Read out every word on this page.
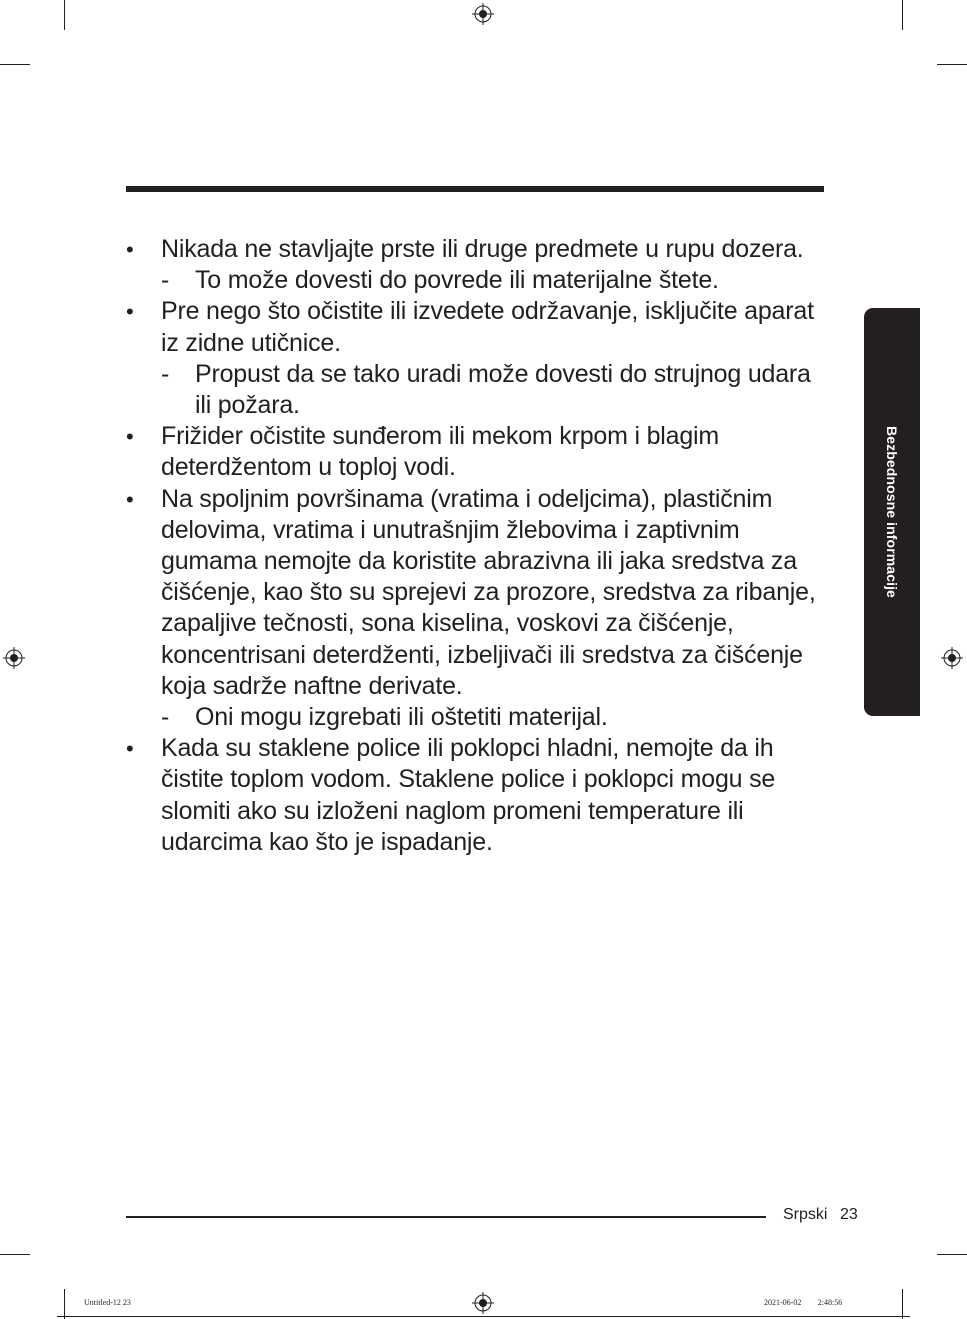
•	Nikada ne stavljajte prste ili druge predmete u rupu dozera.
- To može dovesti do povrede ili materijalne štete.
•	Pre nego što očistite ili izvedete održavanje, isključite aparat iz zidne utičnice.
- Propust da se tako uradi može dovesti do strujnog udara ili požara.
•	Frižider očistite sunđerom ili mekom krpom i blagim deterdžentom u toploj vodi.
•	Na spoljnim površinama (vratima i odeljcima), plastičnim delovima, vratima i unutrašnjim žlebovima i zaptivnim gumama nemojte da koristite abrazivna ili jaka sredstva za čišćenje, kao što su sprejevi za prozore, sredstva za ribanje, zapaljive tečnosti, sona kiselina, voskovi za čišćenje, koncentrisani deterdženti, izbeljivači ili sredstva za čišćenje koja sadrže naftne derivate.
- Oni mogu izgrebati ili oštetiti materijal.
•	Kada su staklene police ili poklopci hladni, nemojte da ih čistite toplom vodom. Staklene police i poklopci mogu se slomiti ako su izloženi naglom promeni temperature ili udarcima kao što je ispadanje.
Bezbednosne informacije
Srpski 23
Untitled-12 23	2021-06-02 ￿￿ 2:48:56
